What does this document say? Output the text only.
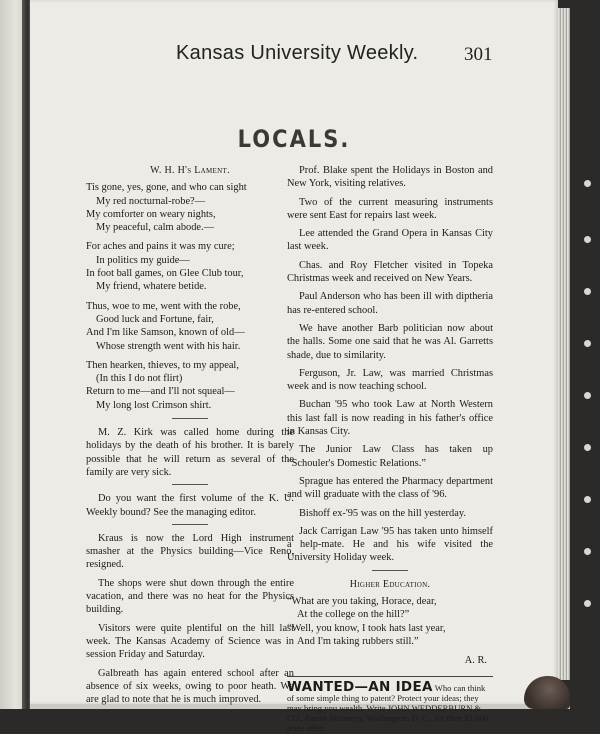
Kansas University Weekly. 301
LOCALS.
W. H. H's Lament.
Tis gone, yes, gone, and who can sight
My red nocturnal-robe?—
My comforter on weary nights,
My peaceful, calm abode.—
For aches and pains it was my cure;
In politics my guide—
In foot ball games, on Glee Club tour,
My friend, whatere betide.
Thus, woe to me, went with the robe,
Good luck and Fortune, fair,
And I'm like Samson, known of old—
Whose strength went with his hair.
Then hearken, thieves, to my appeal,
(In this I do not flirt)
Return to me—and I'll not squeal—
My long lost Crimson shirt.

M. Z. Kirk was called home during the holidays by the death of his brother. It is barely possible that he will return as several of the family are very sick.

Do you want the first volume of the K. U. Weekly bound? See the managing editor.

Kraus is now the Lord High instrument smasher at the Physics building—Vice Reno, resigned.

The shops were shut down through the entire vacation, and there was no heat for the Physics building.

Visitors were quite plentiful on the hill last week. The Kansas Academy of Science was in session Friday and Saturday.

Galbreath has again entered school after an absence of six weeks, owing to poor heath. We are glad to note that he is much improved.

Prof. Blake spent the Holidays in Boston and New York, visiting relatives.

Two of the current measuring instruments were sent East for repairs last week.

Lee attended the Grand Opera in Kansas City last week.

Chas. and Roy Fletcher visited in Topeka Christmas week and received on New Years.

Paul Anderson who has been ill with diptheria has re-entered school.

We have another Barb politician now about the halls. Some one said that he was Al. Garretts shade, due to similarity.

Ferguson, Jr. Law, was married Christmas week and is now teaching school.

Buchan '95 who took Law at North Western this last fall is now reading in his father's office in Kansas City.

The Junior Law Class has taken up “Schouler's Domestic Relations.”

Sprague has entered the Pharmacy department and will graduate with the class of '96.

Bishoff ex-'95 was on the hill yesterday.

Jack Carrigan Law '95 has taken unto himself a help-mate. He and his wife visited the University Holiday week.

Higher Education.
“What are you taking, Horace, dear,
At the college on the hill?”
“Well, you know, I took hats last year,
And I'm taking rubbers still.”
A. R.
WANTED—AN IDEA Who can think of some simple thing to patent? Protect your ideas; they may bring you wealth. Write JOHN WEDDERBURN & CO., Patent Attorneys, Washington, D. C., for their $1,800 prize offer.
